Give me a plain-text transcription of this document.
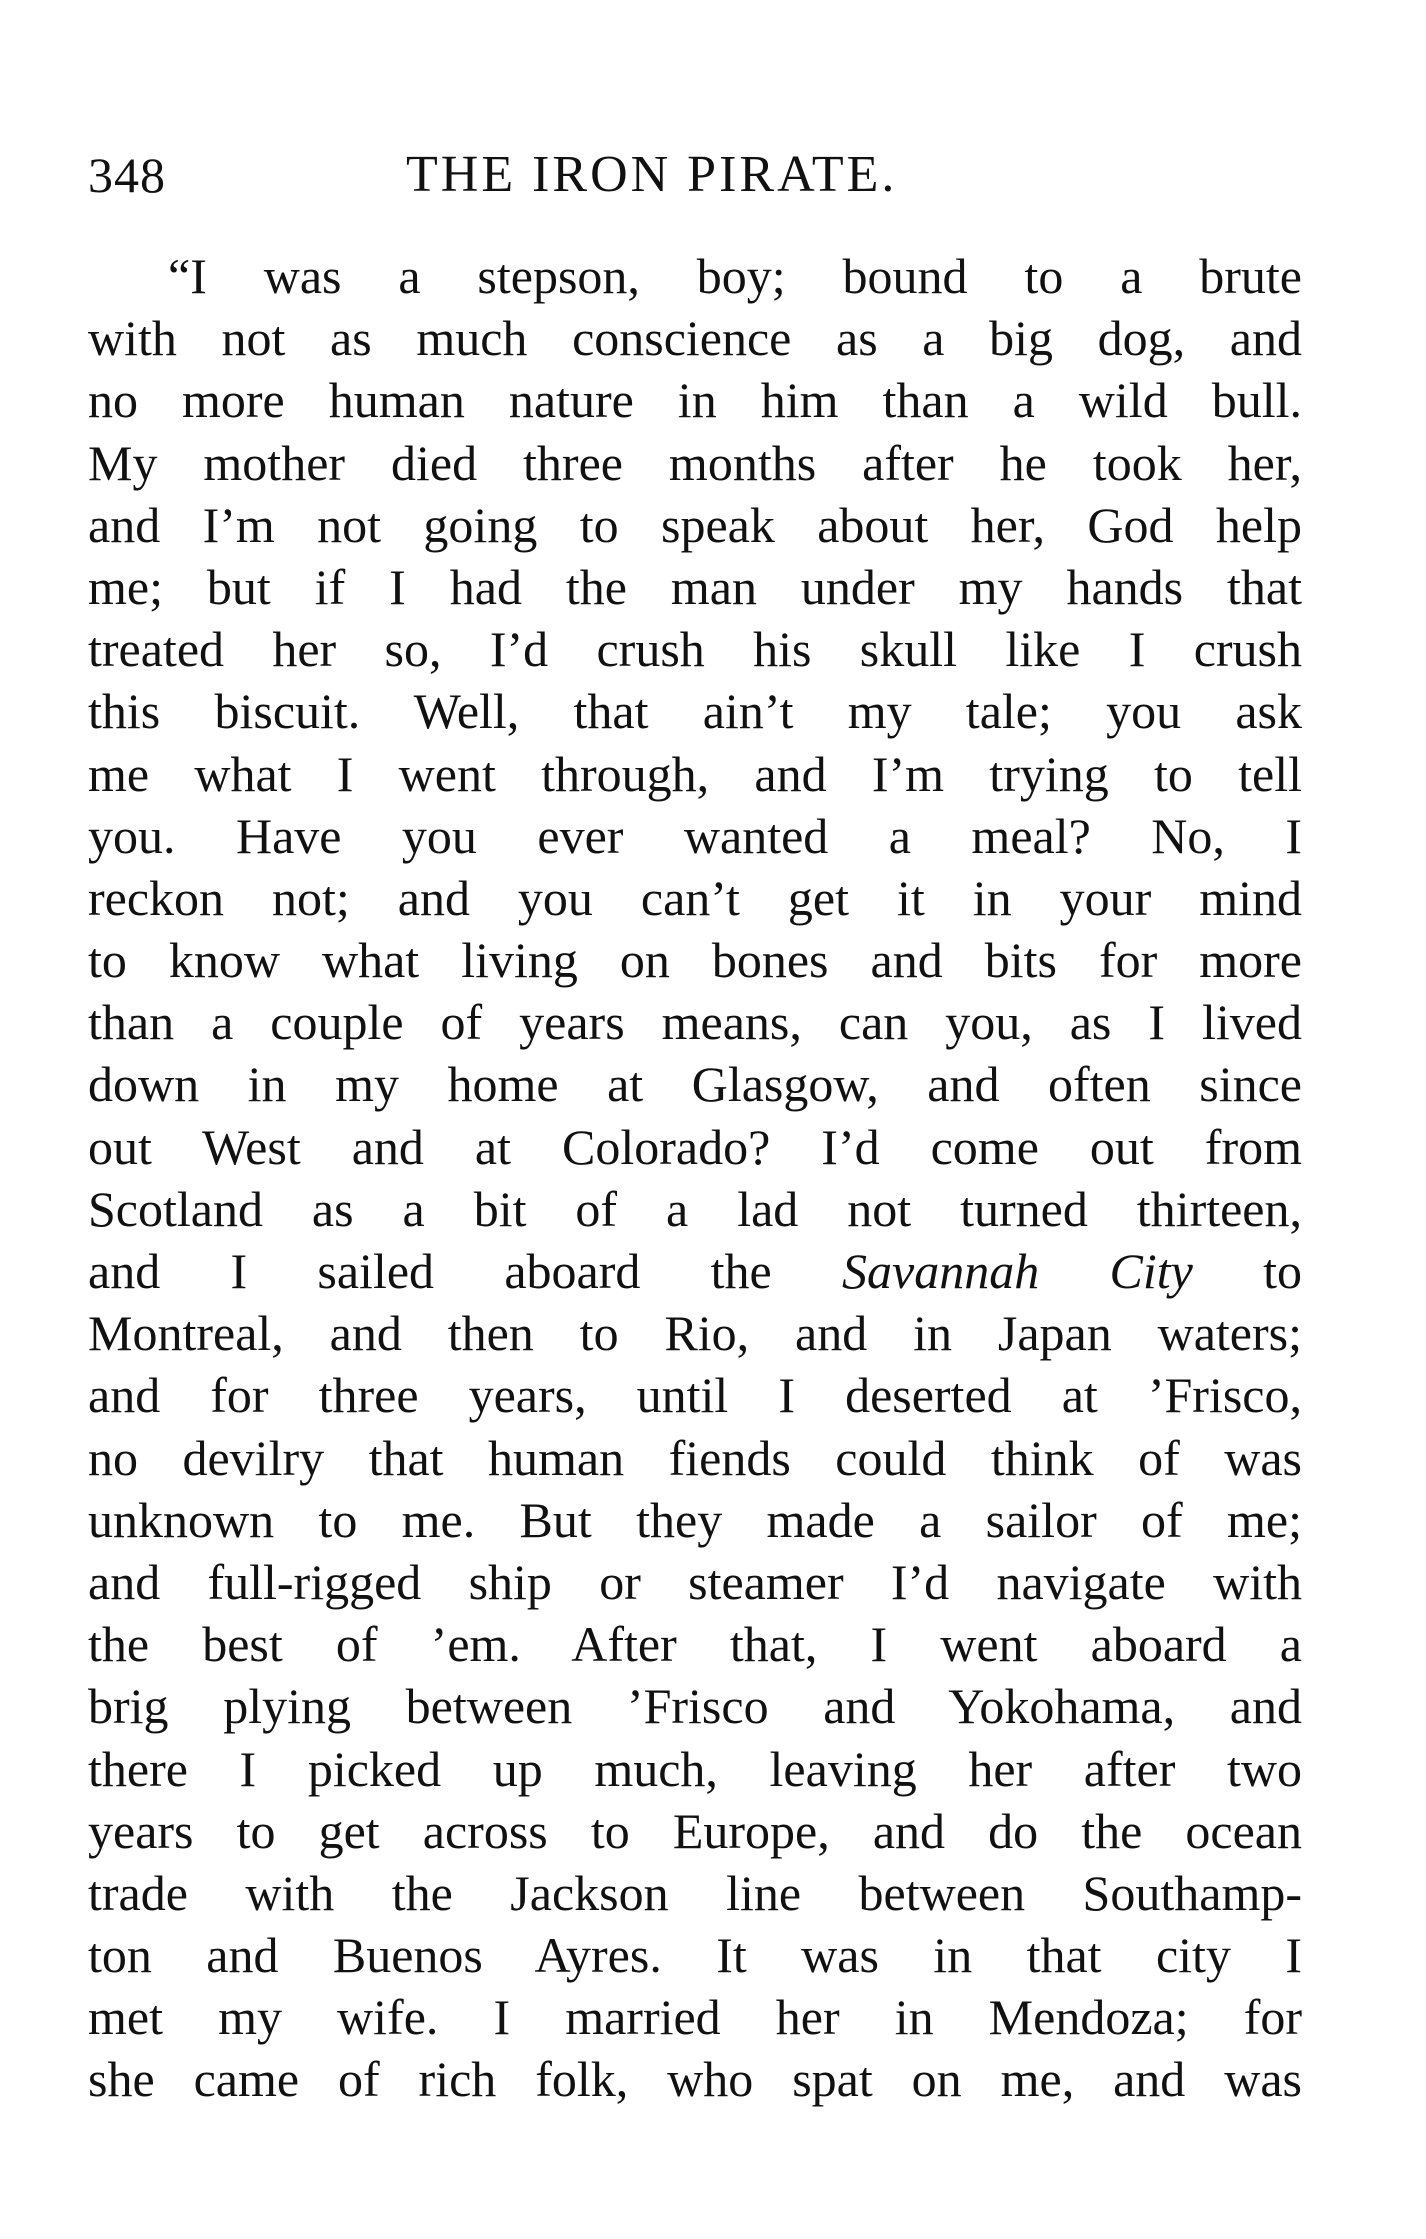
348	THE IRON PIRATE.
“I was a stepson, boy; bound to a brute
with not as much conscience as a big dog, and
no more human nature in him than a wild bull.
My mother died three months after he took her,
and I’m not going to speak about her, God help
me; but if I had the man under my hands that
treated her so, I’d crush his skull like I crush
this biscuit. Well, that ain’t my tale; you ask
me what I went through, and I’m trying to tell
you. Have you ever wanted a meal? No, I
reckon not; and you can’t get it in your mind
to know what living on bones and bits for more
than a couple of years means, can you, as I lived
down in my home at Glasgow, and often since
out West and at Colorado? I’d come out from
Scotland as a bit of a lad not turned thirteen,
and I sailed aboard the Savannah City to
Montreal, and then to Rio, and in Japan waters;
and for three years, until I deserted at ’Frisco,
no devilry that human fiends could think of was
unknown to me. But they made a sailor of me;
and full-rigged ship or steamer I’d navigate with
the best of ’em. After that, I went aboard a
brig plying between ’Frisco and Yokohama, and
there I picked up much, leaving her after two
years to get across to Europe, and do the ocean
trade with the Jackson line between Southamp-
ton and Buenos Ayres. It was in that city I
met my wife. I married her in Mendoza; for
she came of rich folk, who spat on me, and was
